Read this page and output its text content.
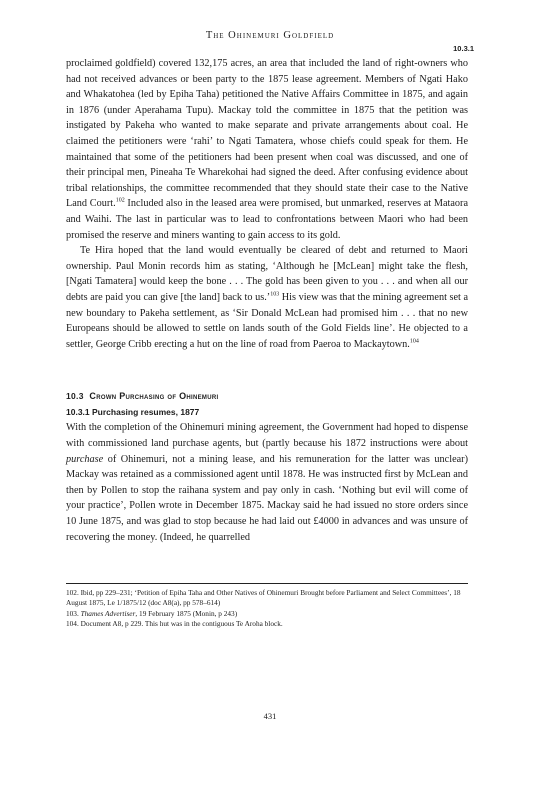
The Ohinemuri Goldfield
10.3.1

proclaimed goldfield) covered 132,175 acres, an area that included the land of right-owners who had not received advances or been party to the 1875 lease agreement. Members of Ngati Hako and Whakatohea (led by Epiha Taha) petitioned the Native Affairs Committee in 1875, and again in 1876 (under Aperahama Tupu). Mackay told the committee in 1875 that the petition was instigated by Pakeha who wanted to make separate and private arrangements about coal. He claimed the petitioners were ‘rahi’ to Ngati Tamatera, whose chiefs could speak for them. He maintained that some of the petitioners had been present when coal was discussed, and one of their principal men, Pineaha Te Wharekohai had signed the deed. After confusing evidence about tribal relationships, the committee recommended that they should state their case to the Native Land Court.$^{102}$ Included also in the leased area were promised, but unmarked, reserves at Mataora and Waihi. The last in particular was to lead to confrontations between Maori who had been promised the reserve and miners wanting to gain access to its gold.

Te Hira hoped that the land would eventually be cleared of debt and returned to Maori ownership. Paul Monin records him as stating, ‘Although he [McLean] might take the flesh, [Ngati Tamatera] would keep the bone . . . The gold has been given to you . . . and when all our debts are paid you can give [the land] back to us.’$^{103}$ His view was that the mining agreement set a new boundary to Pakeha settlement, as ‘Sir Donald McLean had promised him . . . that no new Europeans should be allowed to settle on lands south of the Gold Fields line’. He objected to a settler, George Cribb erecting a hut on the line of road from Paeroa to Mackaytown.$^{104}$

10.3 Crown Purchasing of Ohinemuri

10.3.1 Purchasing resumes, 1877

With the completion of the Ohinemuri mining agreement, the Government had hoped to dispense with commissioned land purchase agents, but (partly because his 1872 instructions were about purchase of Ohinemuri, not a mining lease, and his remuneration for the latter was unclear) Mackay was retained as a commissioned agent until 1878. He was instructed first by McLean and then by Pollen to stop the raihana system and pay only in cash. ‘Nothing but evil will come of your practice’, Pollen wrote in December 1875. Mackay said he had issued no store orders since 10 June 1875, and was glad to stop because he had laid out £4000 in advances and was unsure of recovering the money. (Indeed, he quarrelled

102. Ibid, pp 229–231; ‘Petition of Epiha Taha and Other Natives of Ohinemuri Brought before Parliament and Select Committees’, 18 August 1875, Le 1/1875/12 (doc A8(a), pp 578–614)

103. Thames Advertiser, 19 February 1875 (Monin, p 243)

104. Document A8, p 229. This hut was in the contiguous Te Aroha block.

431
